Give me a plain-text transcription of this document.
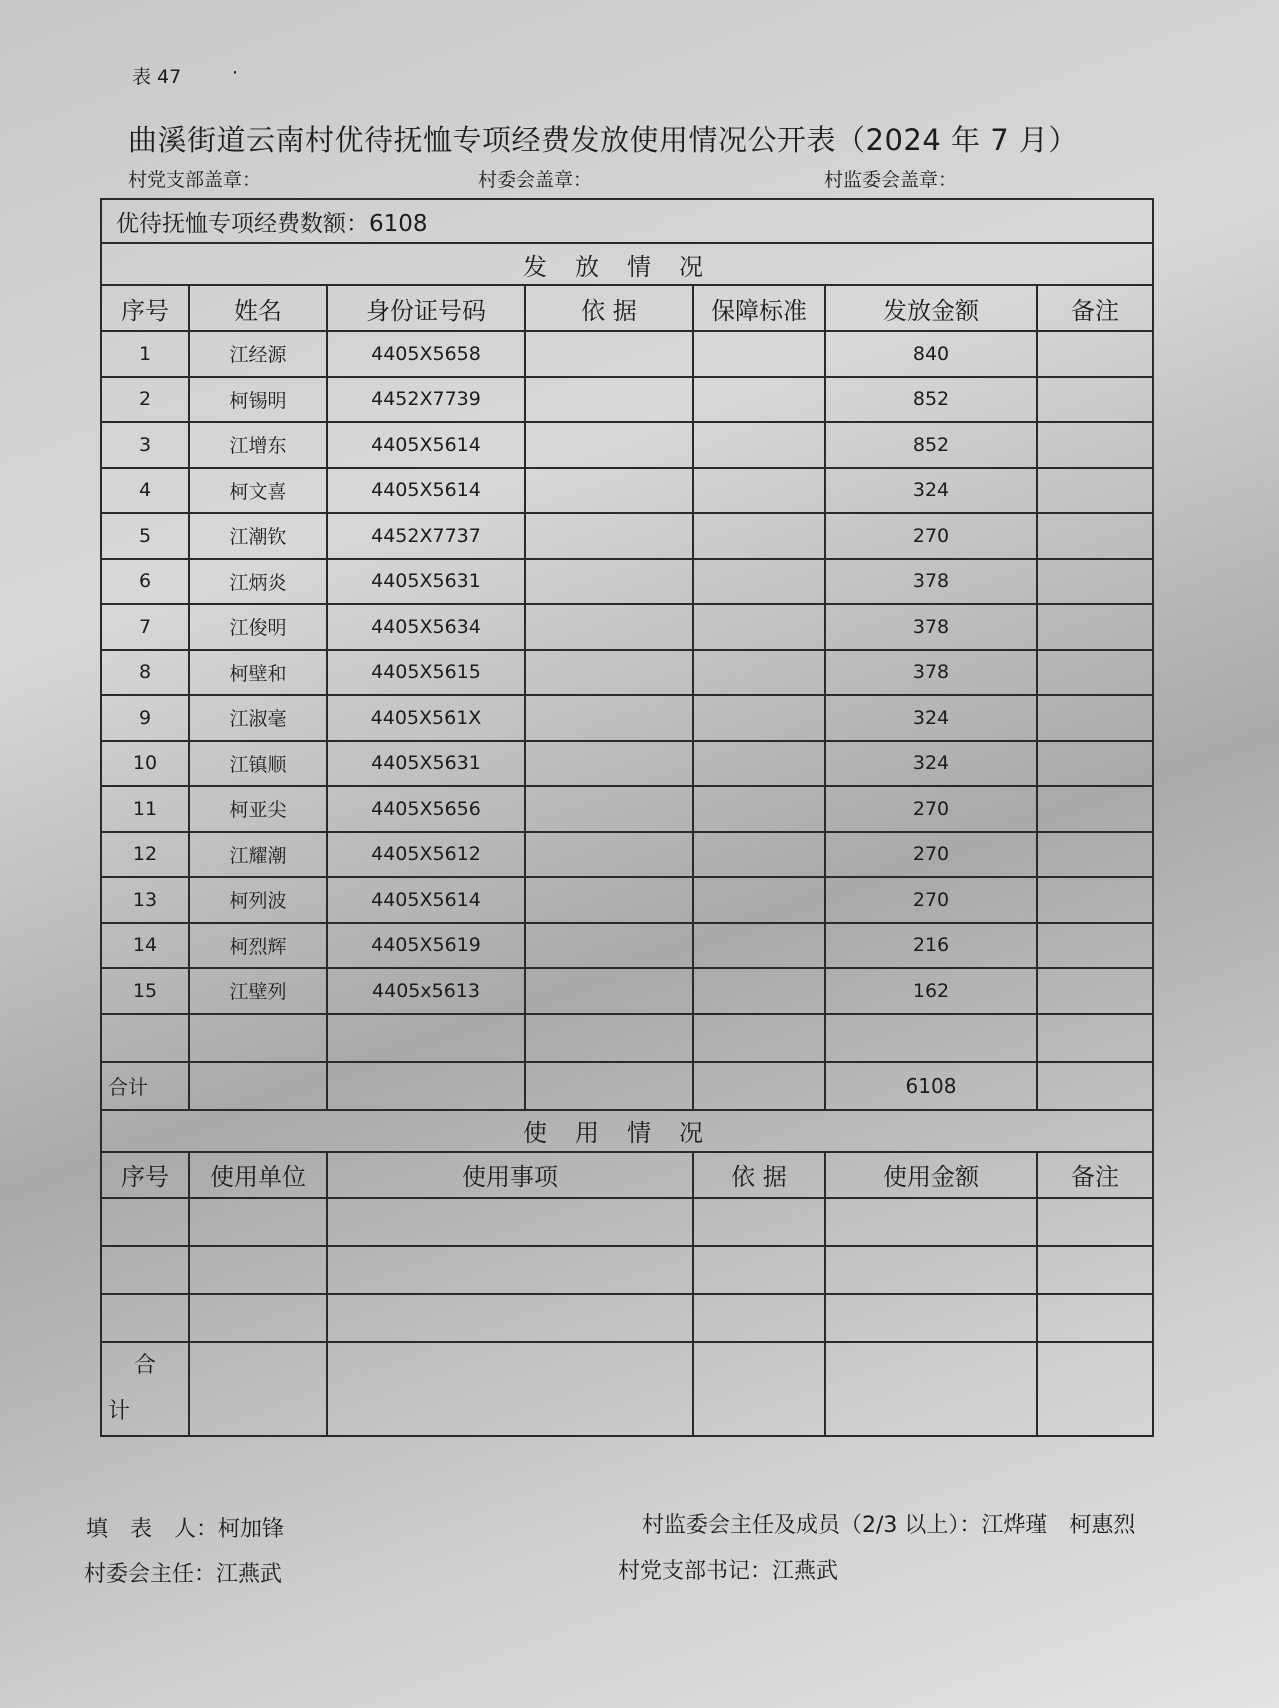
表 47	·
曲溪街道云南村优待抚恤专项经费发放使用情况公开表（2024 年 7 月）
村党支部盖章：	村委会盖章：	村监委会盖章：
优待抚恤专项经费数额：6108						
发放情况						
序号	姓名	身份证号码	依 据	保障标准	发放金额	备注
1	江经源	4405X5658			840	
2	柯锡明	4452X7739			852	
3	江增东	4405X5614			852	
4	柯文喜	4405X5614			324	
5	江潮钦	4452X7737			270	
6	江炳炎	4405X5631			378	
7	江俊明	4405X5634			378	
8	柯壁和	4405X5615			378	
9	江淑毫	4405X561X			324	
10	江镇顺	4405X5631			324	
11	柯亚尖	4405X5656			270	
12	江耀潮	4405X5612			270	
13	柯列波	4405X5614			270	
14	柯烈辉	4405X5619			216	
15	江壁列	4405x5613			162	

合计					6108	
使用情况						
序号	使用单位	使用事项		依 据	使用金额	备注

合
计						

填　表　人：柯加锋
村委会主任：江燕武
村监委会主任及成员（2/3 以上）：江烨瑾　柯惠烈
村党支部书记：江燕武
